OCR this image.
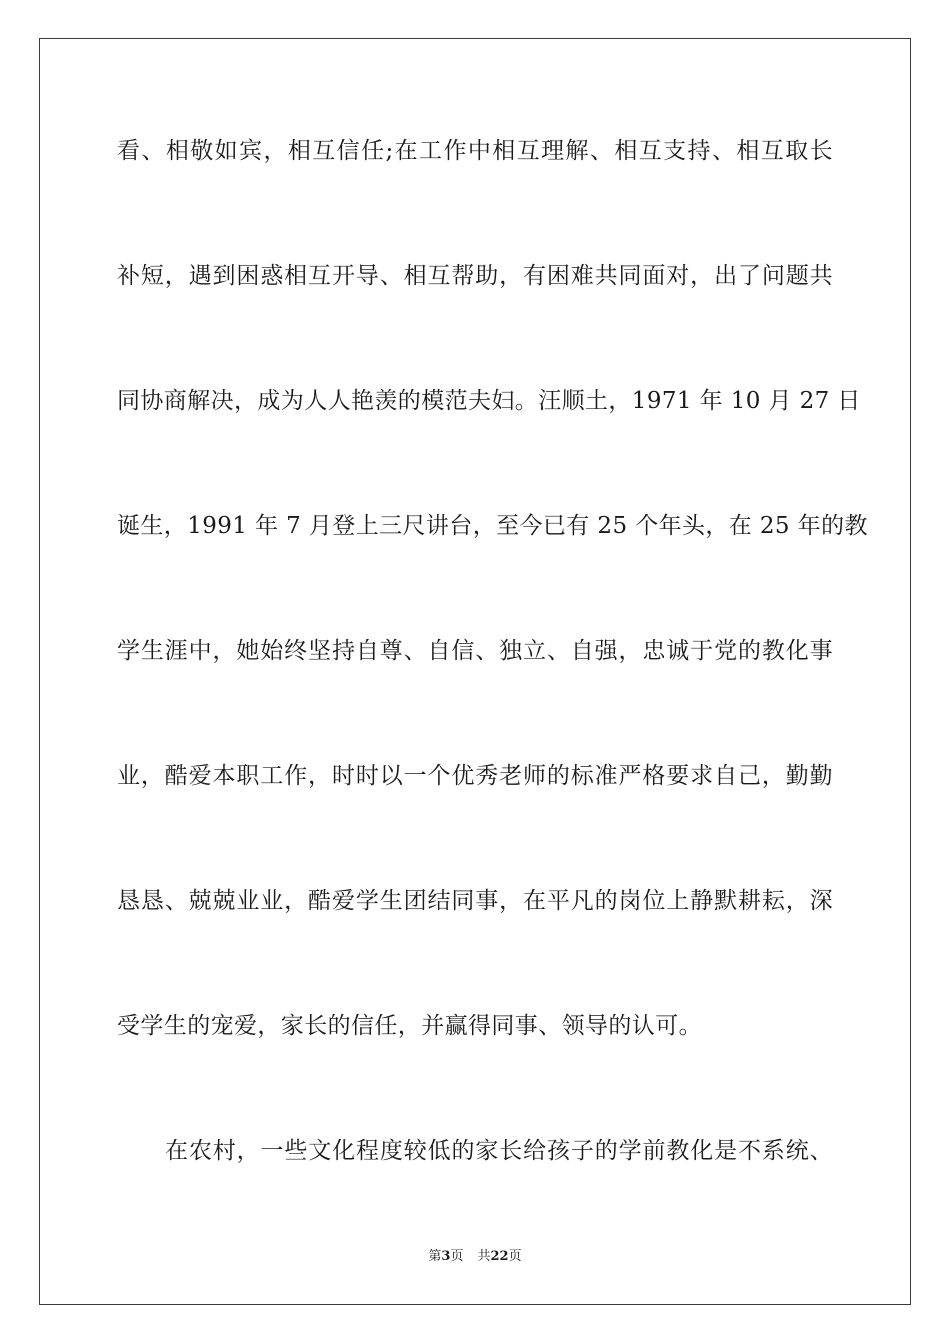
看、相敬如宾，相互信任;在工作中相互理解、相互支持、相互取长
补短，遇到困惑相互开导、相互帮助，有困难共同面对，出了问题共
同协商解决，成为人人艳羡的模范夫妇。汪顺土，1971 年 10 月 27 日
诞生，1991 年 7 月登上三尺讲台，至今已有 25 个年头，在 25 年的教
学生涯中，她始终坚持自尊、自信、独立、自强，忠诚于党的教化事
业，酷爱本职工作，时时以一个优秀老师的标准严格要求自己，勤勤
恳恳、兢兢业业，酷爱学生团结同事，在平凡的岗位上静默耕耘，深
受学生的宠爱，家长的信任，并赢得同事、领导的认可。
在农村，一些文化程度较低的家长给孩子的学前教化是不系统、
第3页 共22页
